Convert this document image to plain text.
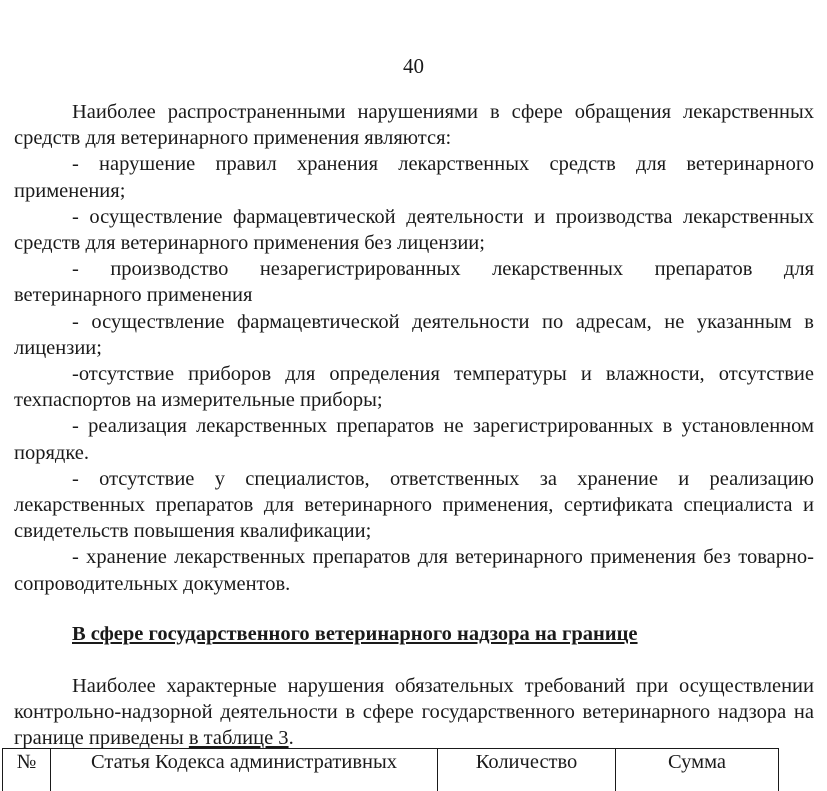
40

Наиболее распространенными нарушениями в сфере обращения лекарственных средств для ветеринарного применения являются:

- нарушение правил хранения лекарственных средств для ветеринарного применения;

- осуществление фармацевтической деятельности и производства лекарственных средств для ветеринарного применения без лицензии;

- производство незарегистрированных лекарственных препаратов для ветеринарного применения

- осуществление фармацевтической деятельности по адресам, не указанным в лицензии;

-отсутствие приборов для определения температуры и влажности, отсутствие техпаспортов на измерительные приборы;

- реализация лекарственных препаратов не зарегистрированных в установленном порядке.

- отсутствие у специалистов, ответственных за хранение и реализацию лекарственных препаратов для ветеринарного применения, сертификата специалиста и свидетельств повышения квалификации;

- хранение лекарственных препаратов для ветеринарного применения без товарно-сопроводительных документов.

В сфере государственного ветеринарного надзора на границе

Наиболее характерные нарушения обязательных требований при осуществлении контрольно-надзорной деятельности в сфере государственного ветеринарного надзора на границе приведены в таблице 3.

№	Статья Кодекса административных	Количество	Сумма
